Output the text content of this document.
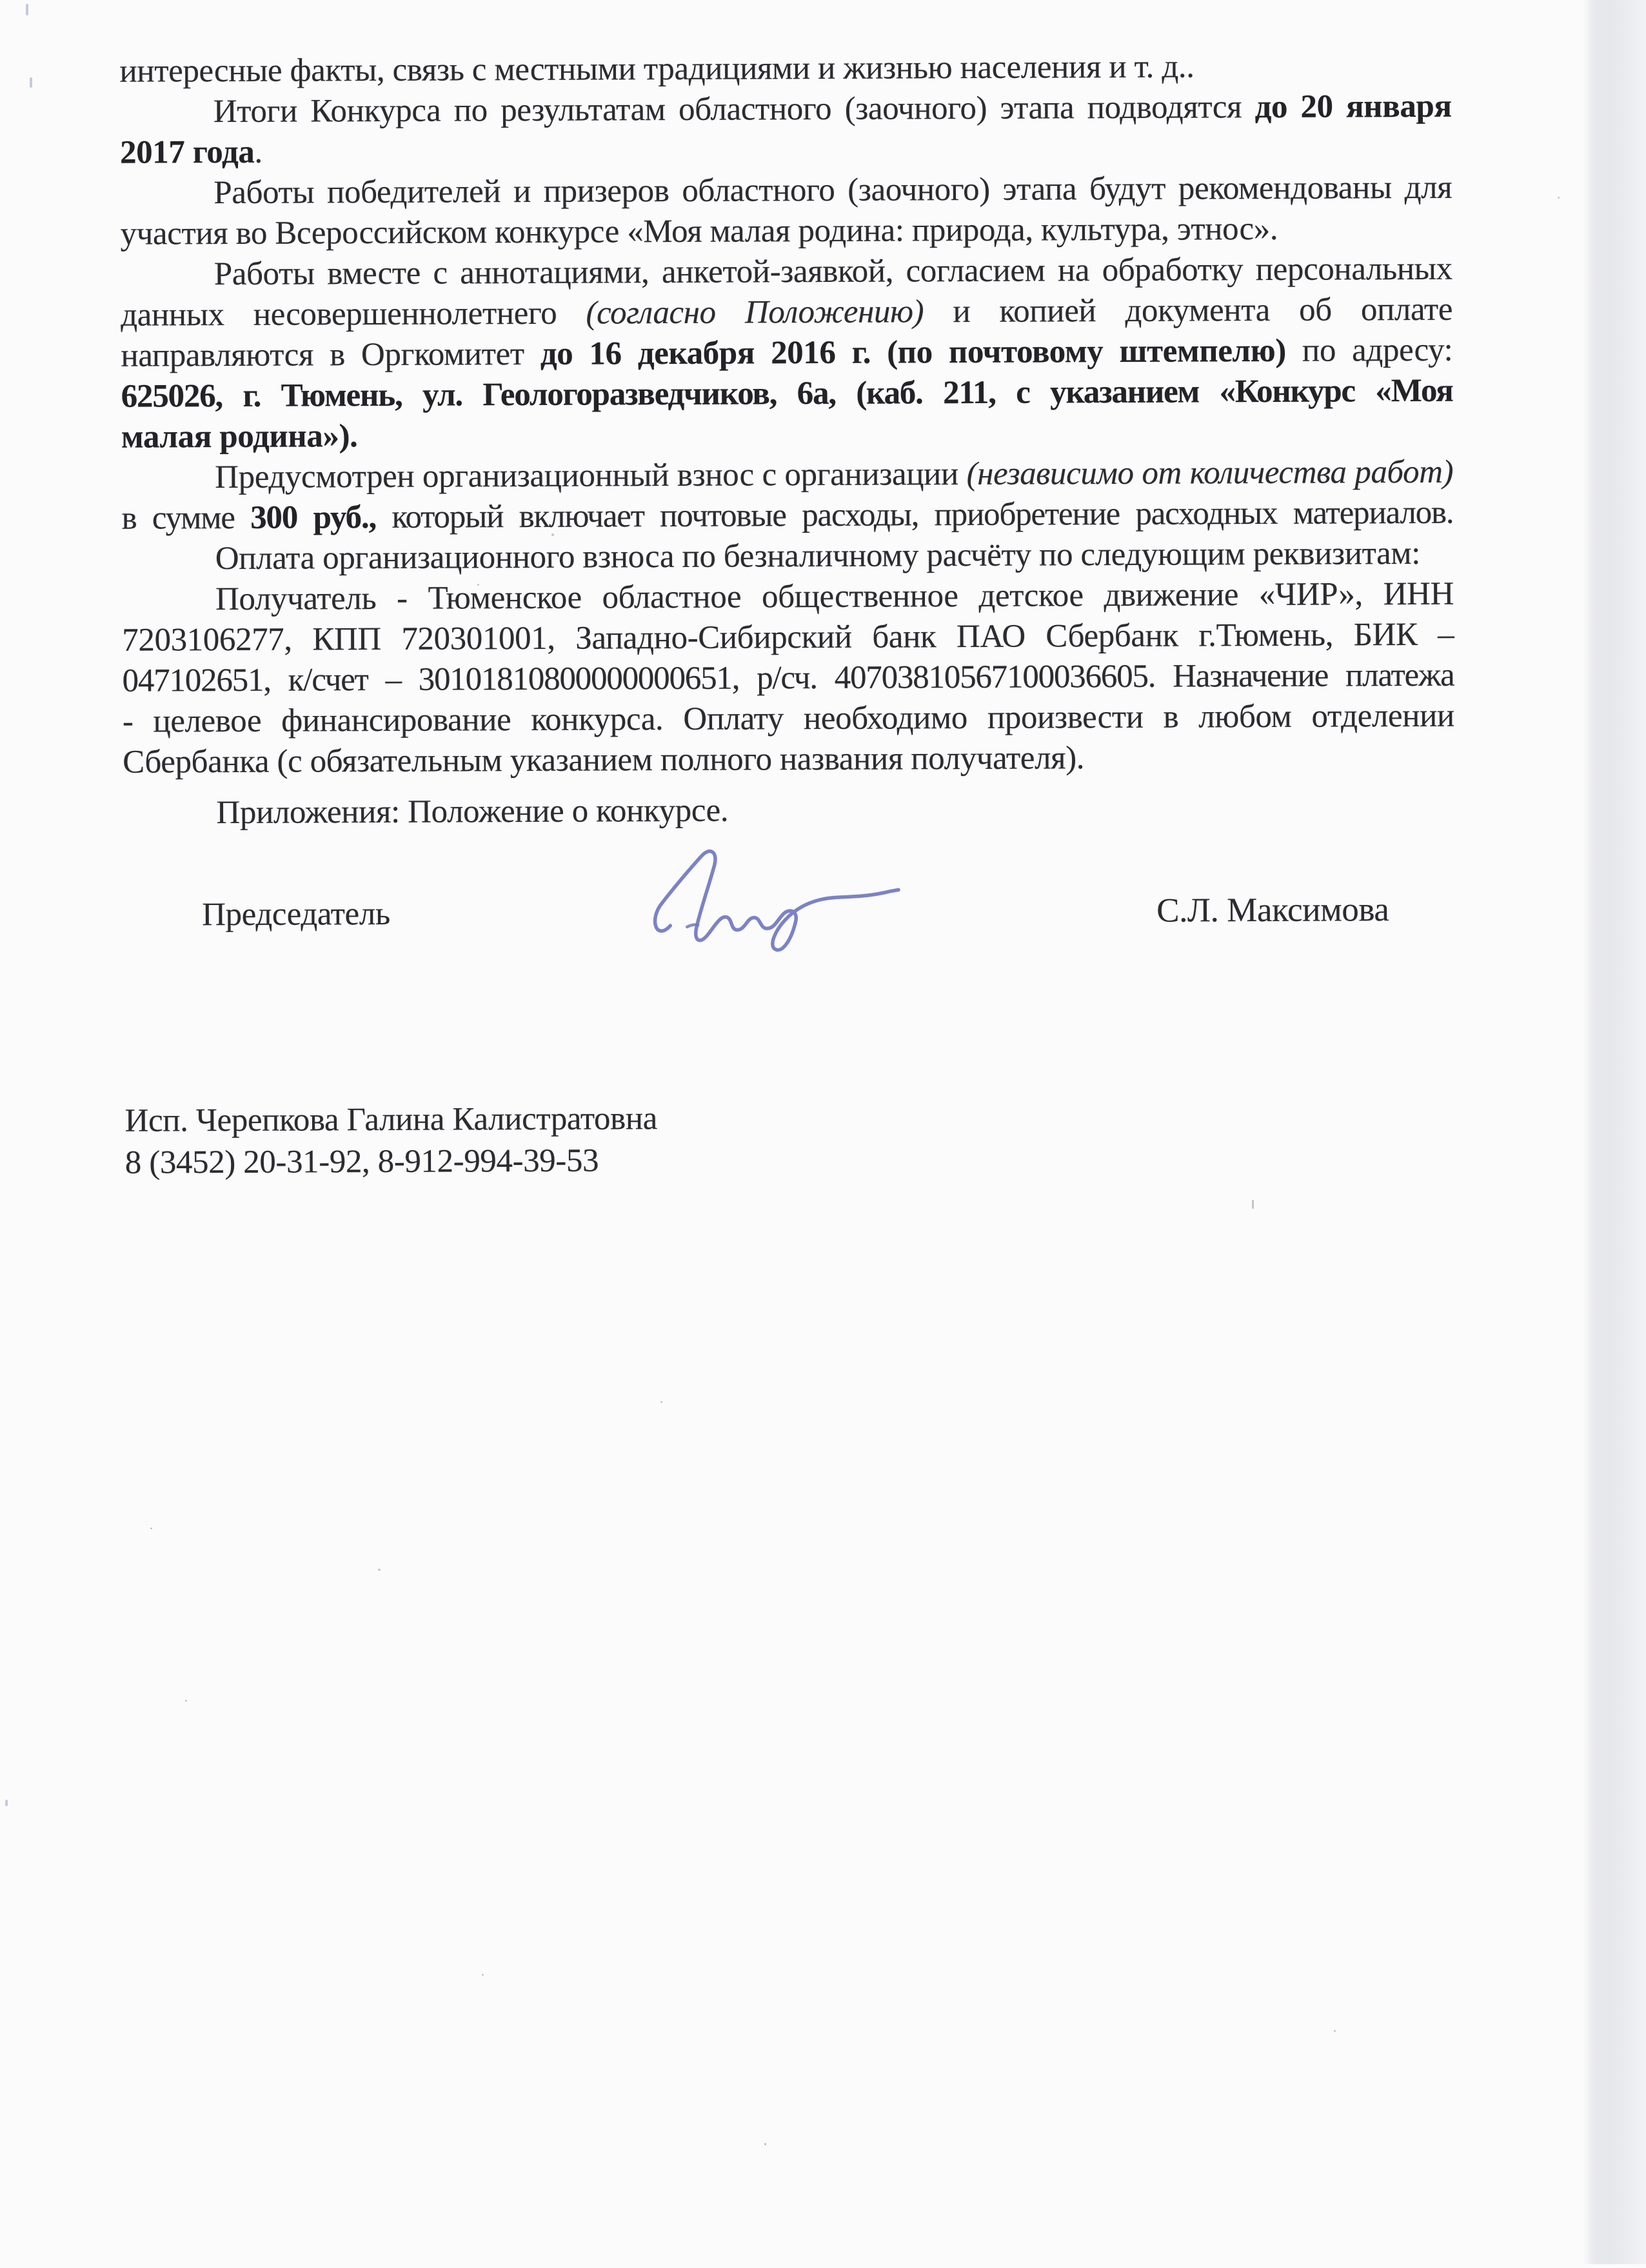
интересные факты, связь с местными традициями и жизнью населения и т. д..
Итоги Конкурса по результатам областного (заочного) этапа подводятся до 20 января
2017 года.
Работы победителей и призеров областного (заочного) этапа будут рекомендованы для
участия во Всероссийском конкурсе «Моя малая родина: природа, культура, этнос».
Работы вместе с аннотациями, анкетой-заявкой, согласием на обработку персональных
данных несовершеннолетнего (согласно Положению) и копией документа об оплате
направляются в Оргкомитет до 16 декабря 2016 г. (по почтовому штемпелю) по адресу:
625026, г. Тюмень, ул. Геологоразведчиков, 6а, (каб. 211, с указанием «Конкурс «Моя
малая родина»).
Предусмотрен организационный взнос с организации (независимо от количества работ)
в сумме 300 руб., который включает почтовые расходы, приобретение расходных материалов.
Оплата организационного взноса по безналичному расчёту по следующим реквизитам:
Получатель - Тюменское областное общественное детское движение «ЧИР», ИНН
7203106277, КПП 720301001, Западно-Сибирский банк ПАО Сбербанк г.Тюмень, БИК –
047102651, к/счет – 30101810800000000651, р/сч. 40703810567100036605. Назначение платежа
- целевое финансирование конкурса. Оплату необходимо произвести в любом отделении
Сбербанка (с обязательным указанием полного названия получателя).
Приложения: Положение о конкурсе.
Председатель	С.Л. Максимова
Исп. Черепкова Галина Калистратовна
8 (3452) 20-31-92, 8-912-994-39-53
